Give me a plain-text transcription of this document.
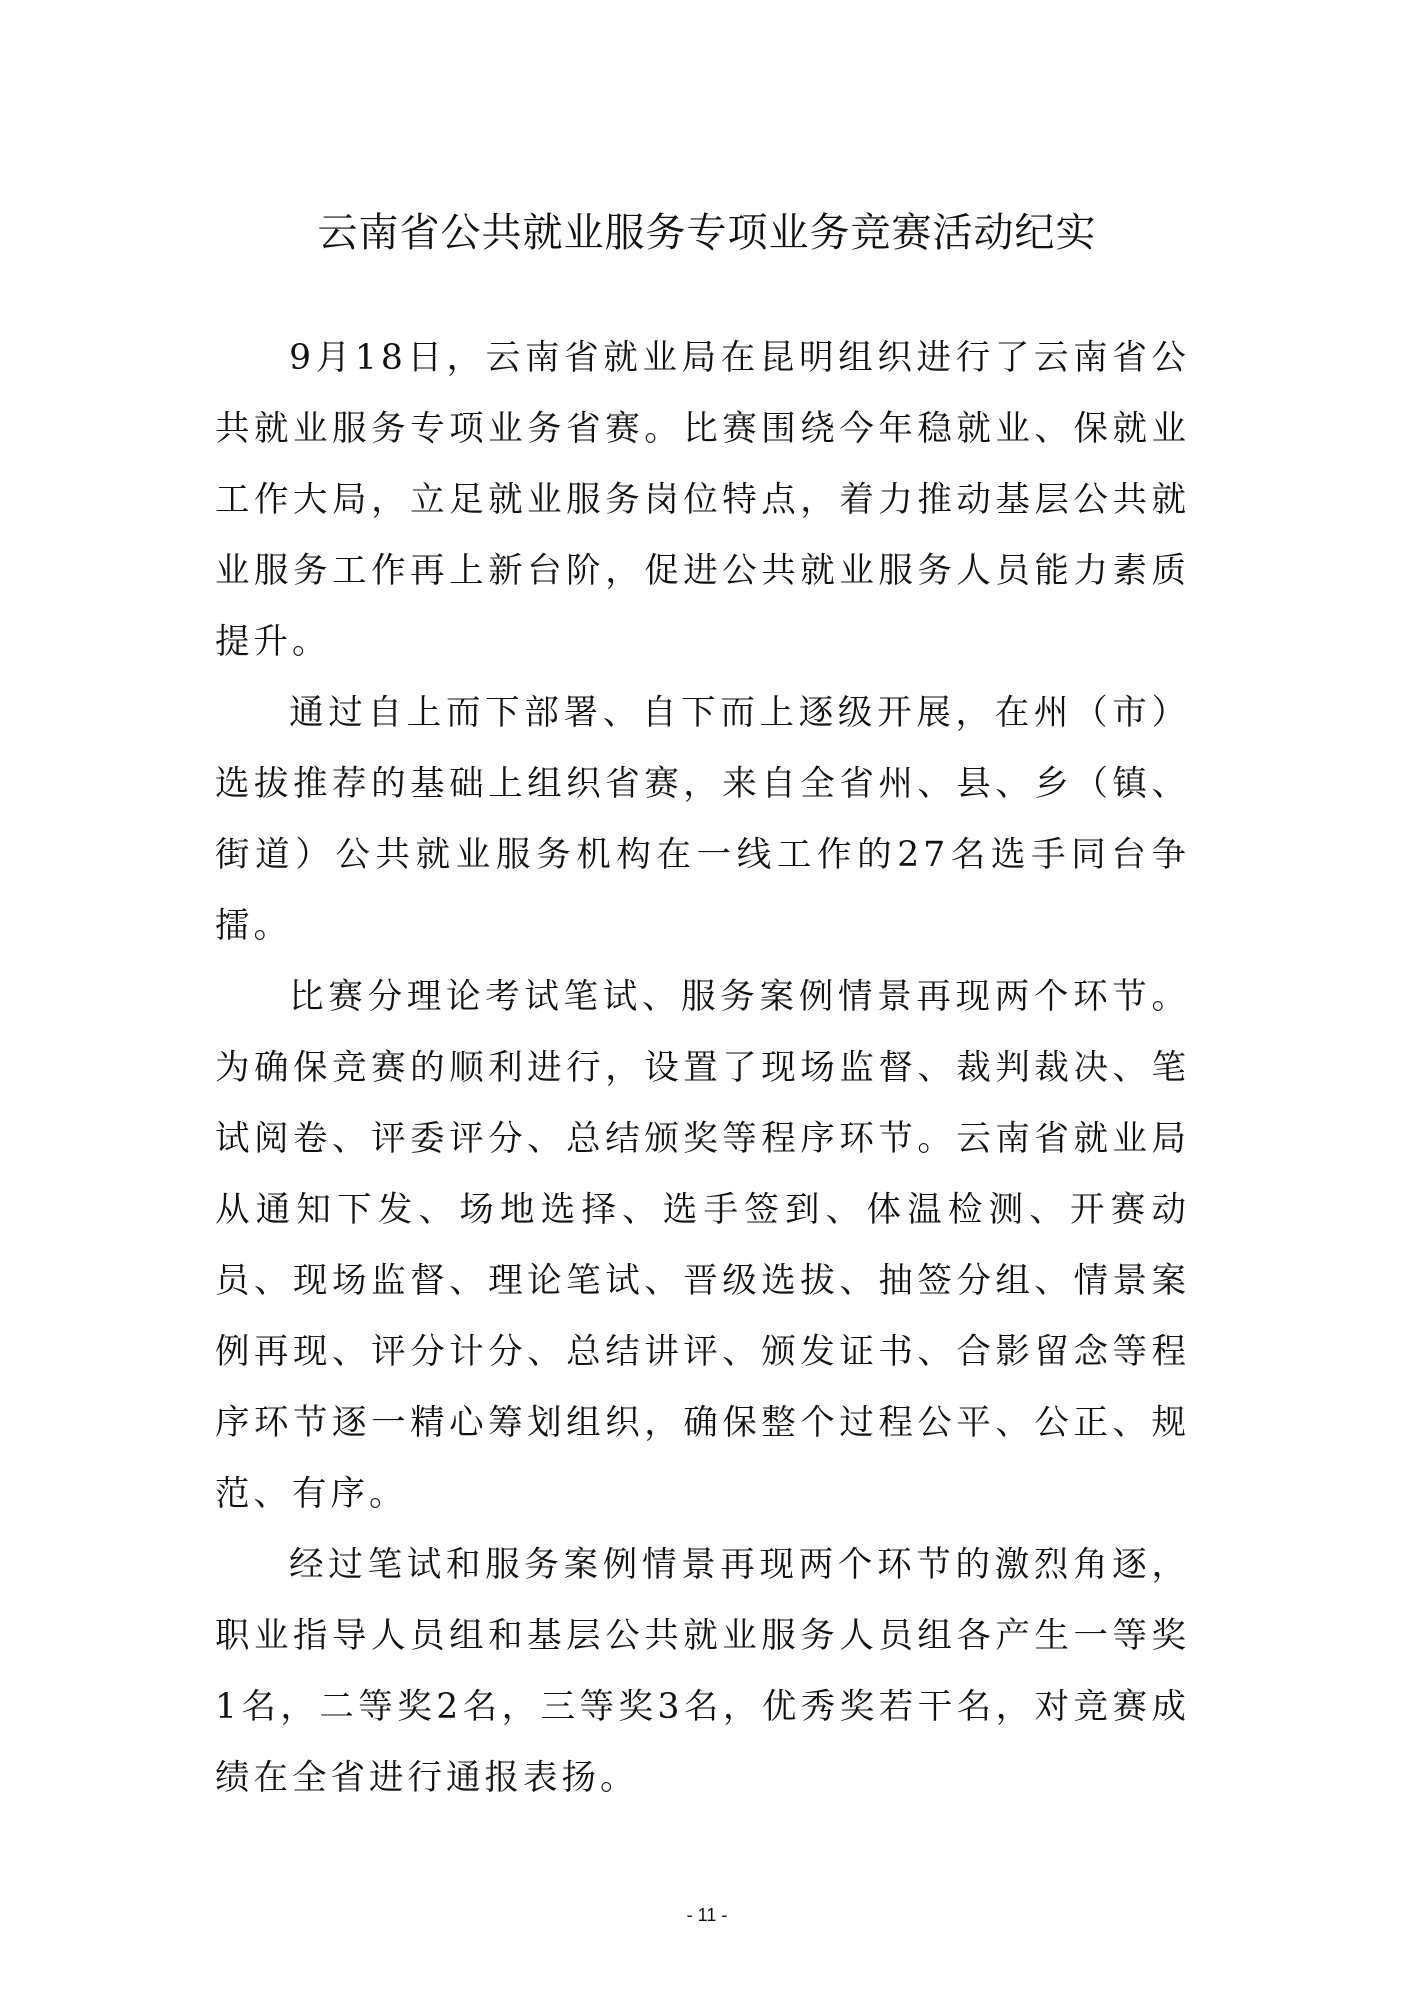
云南省公共就业服务专项业务竞赛活动纪实

9月18日，云南省就业局在昆明组织进行了云南省公共就业服务专项业务省赛。比赛围绕今年稳就业、保就业工作大局，立足就业服务岗位特点，着力推动基层公共就业服务工作再上新台阶，促进公共就业服务人员能力素质提升。

通过自上而下部署、自下而上逐级开展，在州（市）选拔推荐的基础上组织省赛，来自全省州、县、乡（镇、街道）公共就业服务机构在一线工作的27名选手同台争擂。

比赛分理论考试笔试、服务案例情景再现两个环节。为确保竞赛的顺利进行，设置了现场监督、裁判裁决、笔试阅卷、评委评分、总结颁奖等程序环节。云南省就业局从通知下发、场地选择、选手签到、体温检测、开赛动员、现场监督、理论笔试、晋级选拔、抽签分组、情景案例再现、评分计分、总结讲评、颁发证书、合影留念等程序环节逐一精心筹划组织，确保整个过程公平、公正、规范、有序。

经过笔试和服务案例情景再现两个环节的激烈角逐，职业指导人员组和基层公共就业服务人员组各产生一等奖1名，二等奖2名，三等奖3名，优秀奖若干名，对竞赛成绩在全省进行通报表扬。

- 11 -
